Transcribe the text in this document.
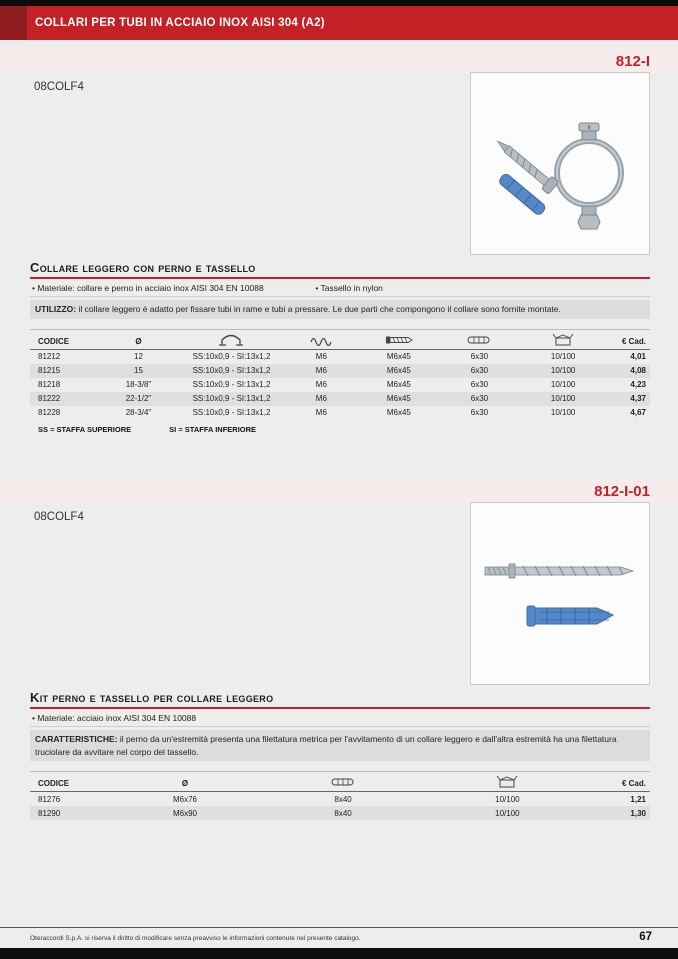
COLLARI PER TUBI IN ACCIAIO INOX AISI 304 (A2)
812-I
08COLF4
Collare leggero con perno e tassello
• Materiale: collare e perno in acciaio inox AISI 304 EN 10088	• Tassello in nylon
UTILIZZO: il collare leggero è adatto per fissare tubi in rame e tubi a pressare. Le due parti che compongono il collare sono fornite montate.
CODICE	Ø						€ Cad.
81212	12	SS:10x0,9 - SI:13x1,2	M6	M6x45	6x30	10/100	4,01
81215	15	SS:10x0,9 - SI:13x1,2	M6	M6x45	6x30	10/100	4,08
81218	18-3/8"	SS:10x0,9 - SI:13x1,2	M6	M6x45	6x30	10/100	4,23
81222	22-1/2"	SS:10x0,9 - SI:13x1,2	M6	M6x45	6x30	10/100	4,37
81228	28-3/4"	SS:10x0,9 - SI:13x1,2	M6	M6x45	6x30	10/100	4,67
SS = STAFFA SUPERIORE	SI = STAFFA INFERIORE
812-I-01
08COLF4
Kit perno e tassello per collare leggero
• Materiale: acciaio inox AISI 304 EN 10088
CARATTERISTICHE: il perno da un'estremità presenta una filettatura metrica per l'avvitamento di un collare leggero e dall'altra estremità ha una filettatura truciolare da avvitare nel corpo del tassello.
CODICE	Ø			€ Cad.
81276	M6x76	8x40	10/100	1,21
81290	M6x90	8x40	10/100	1,30
Oteraccordi S.p.A. si riserva il diritto di modificare senza preavviso le informazioni contenute nel presente catalogo.	67
